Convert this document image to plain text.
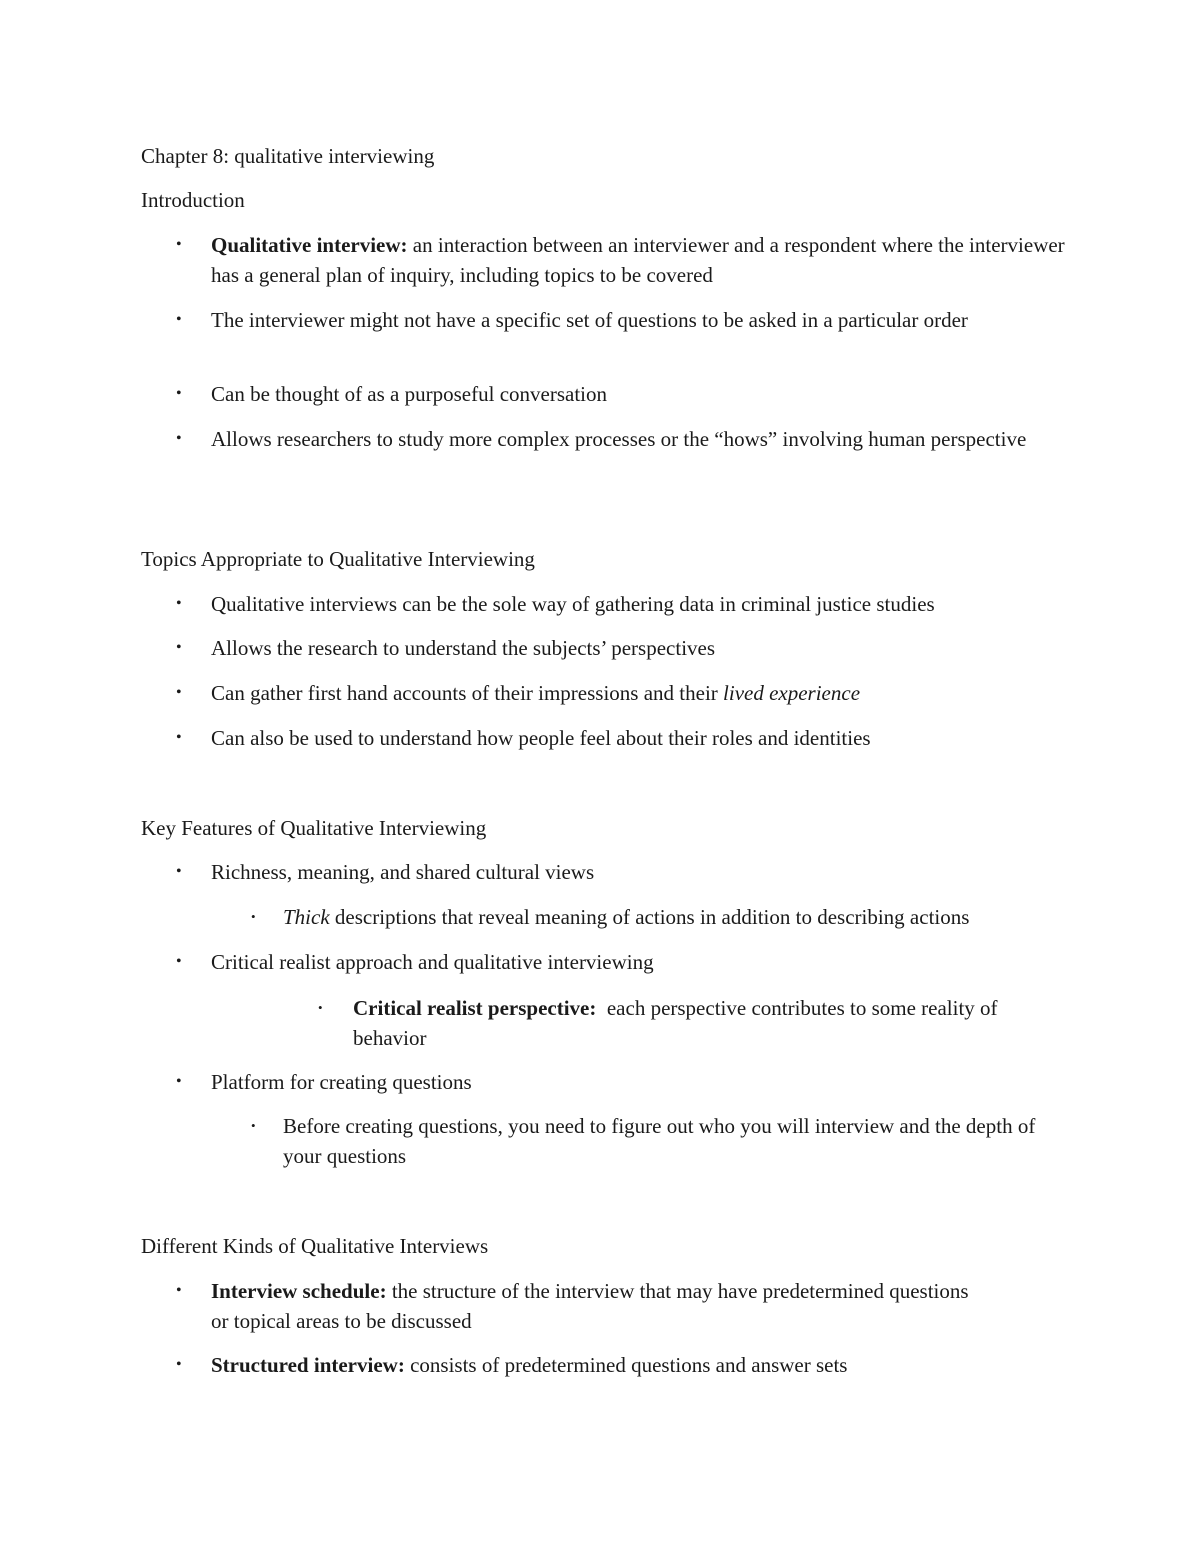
Chapter 8: qualitative interviewing
Introduction
• Qualitative interview: an interaction between an interviewer and a respondent where the interviewer has a general plan of inquiry, including topics to be covered
• The interviewer might not have a specific set of questions to be asked in a particular order
• Can be thought of as a purposeful conversation
• Allows researchers to study more complex processes or the “hows” involving human perspective
Topics Appropriate to Qualitative Interviewing
• Qualitative interviews can be the sole way of gathering data in criminal justice studies
• Allows the research to understand the subjects’ perspectives
• Can gather first hand accounts of their impressions and their lived experience
• Can also be used to understand how people feel about their roles and identities
Key Features of Qualitative Interviewing
• Richness, meaning, and shared cultural views
• Thick descriptions that reveal meaning of actions in addition to describing actions
• Critical realist approach and qualitative interviewing
• Critical realist perspective:  each perspective contributes to some reality of behavior
• Platform for creating questions
• Before creating questions, you need to figure out who you will interview and the depth of your questions
Different Kinds of Qualitative Interviews
• Interview schedule: the structure of the interview that may have predetermined questions or topical areas to be discussed
• Structured interview: consists of predetermined questions and answer sets
